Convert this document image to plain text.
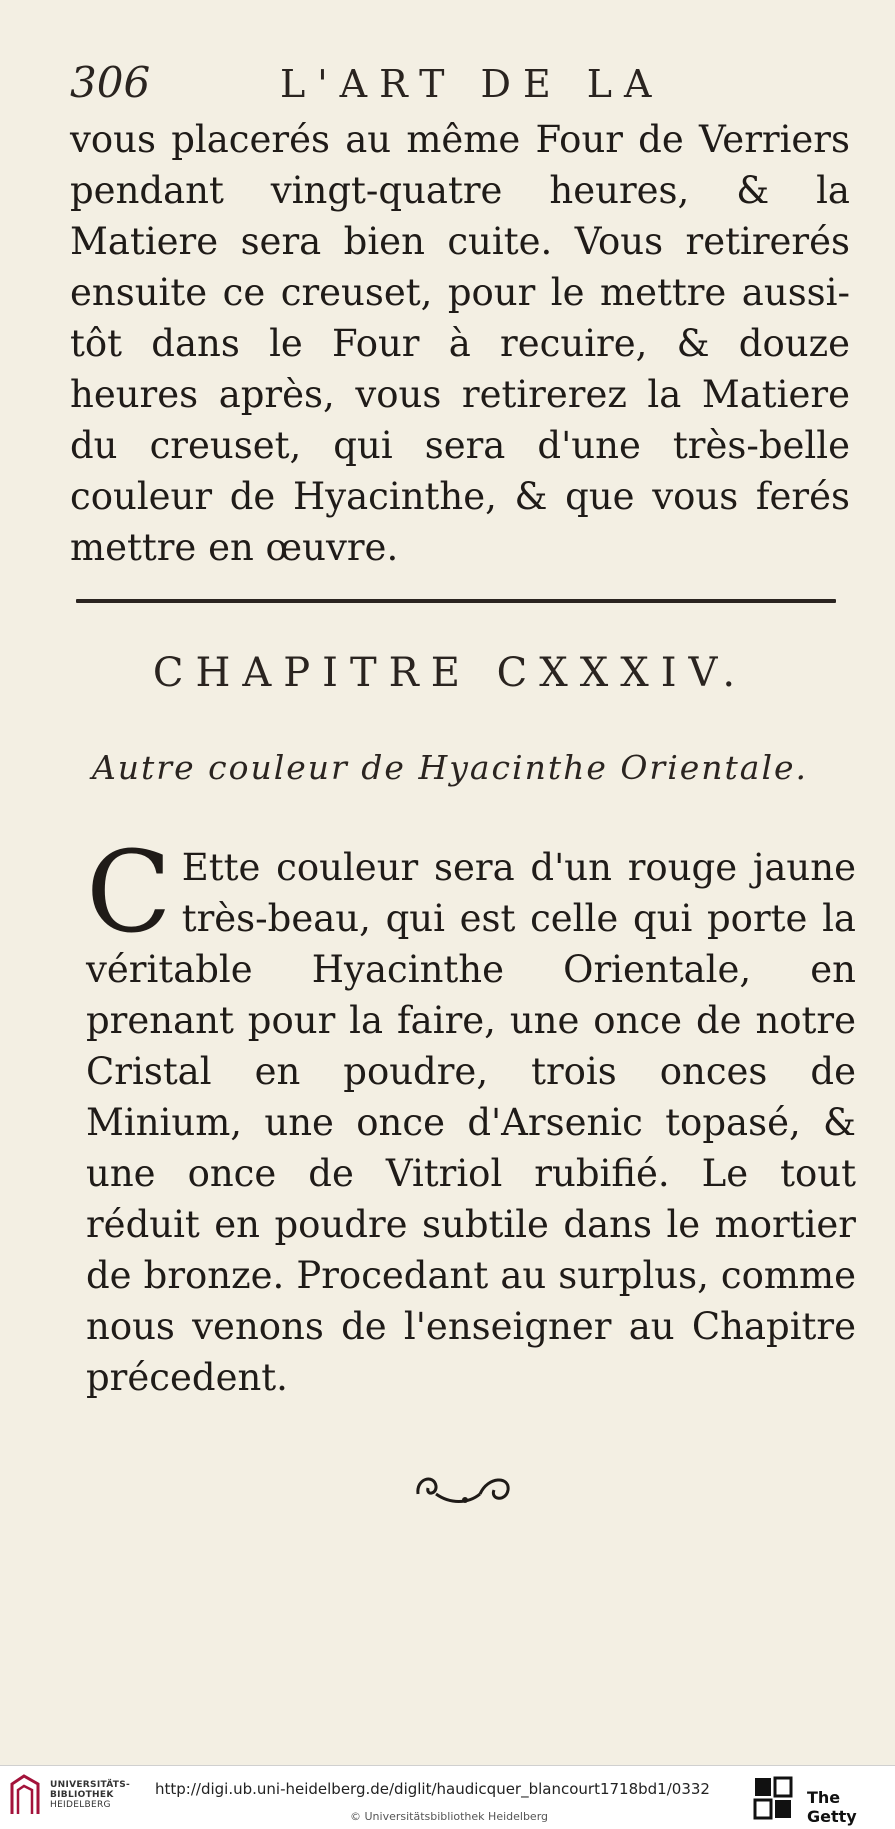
306	L'ART DE LA

vous placerés au même Four de Verriers pendant vingt-quatre heures, & la Matiere sera bien cuite. Vous retirerés ensuite ce creuset, pour le mettre aussi-tôt dans le Four à recuire, & douze heures après, vous retirerez la Matiere du creuset, qui sera d'une très-belle couleur de Hyacinthe, & que vous ferés mettre en œuvre.

CHAPITRE CXXXIV.
Autre couleur de Hyacinthe Orientale.
C Ette couleur sera d'un rouge jaune très-beau, qui est celle qui porte la véritable Hyacinthe Orientale, en prenant pour la faire, une once de notre Cristal en poudre, trois onces de Minium, une once d'Arsenic topasé, & une once de Vitriol rubifié. Le tout réduit en poudre subtile dans le mortier de bronze. Procedant au surplus, comme nous venons de l'enseigner au Chapitre précedent.

UNIVERSITÄTS-
BIBLIOTHEK
HEIDELBERG
http://digi.ub.uni-heidelberg.de/diglit/haudicquer_blancourt1718bd1/0332
© Universitätsbibliothek Heidelberg
The Getty
